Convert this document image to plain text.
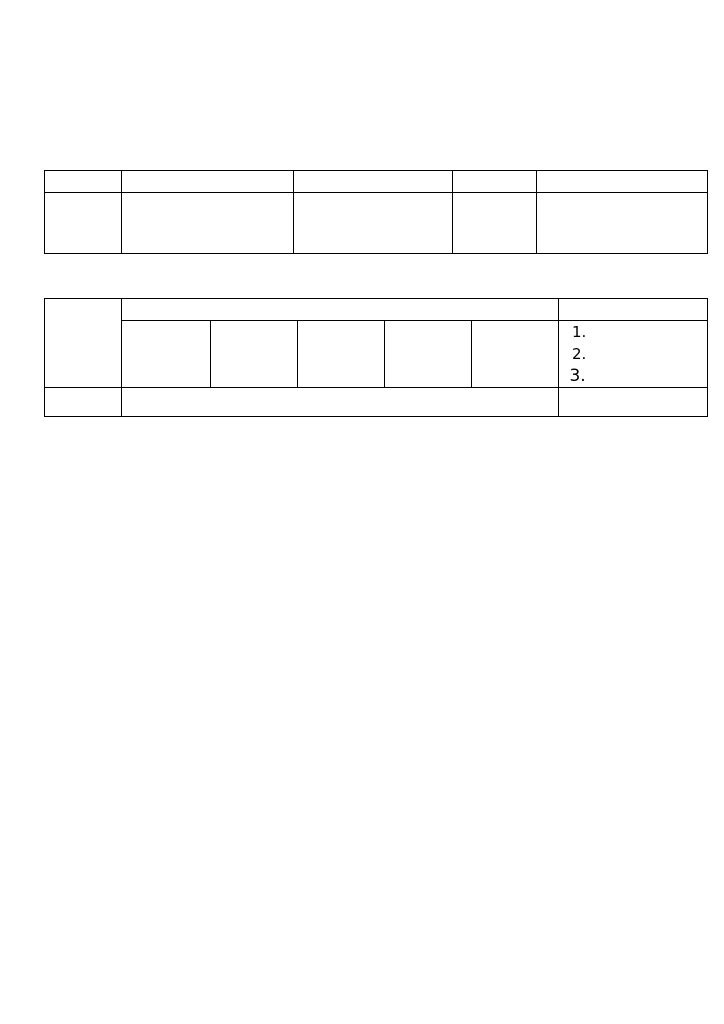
1.
2.
3.
